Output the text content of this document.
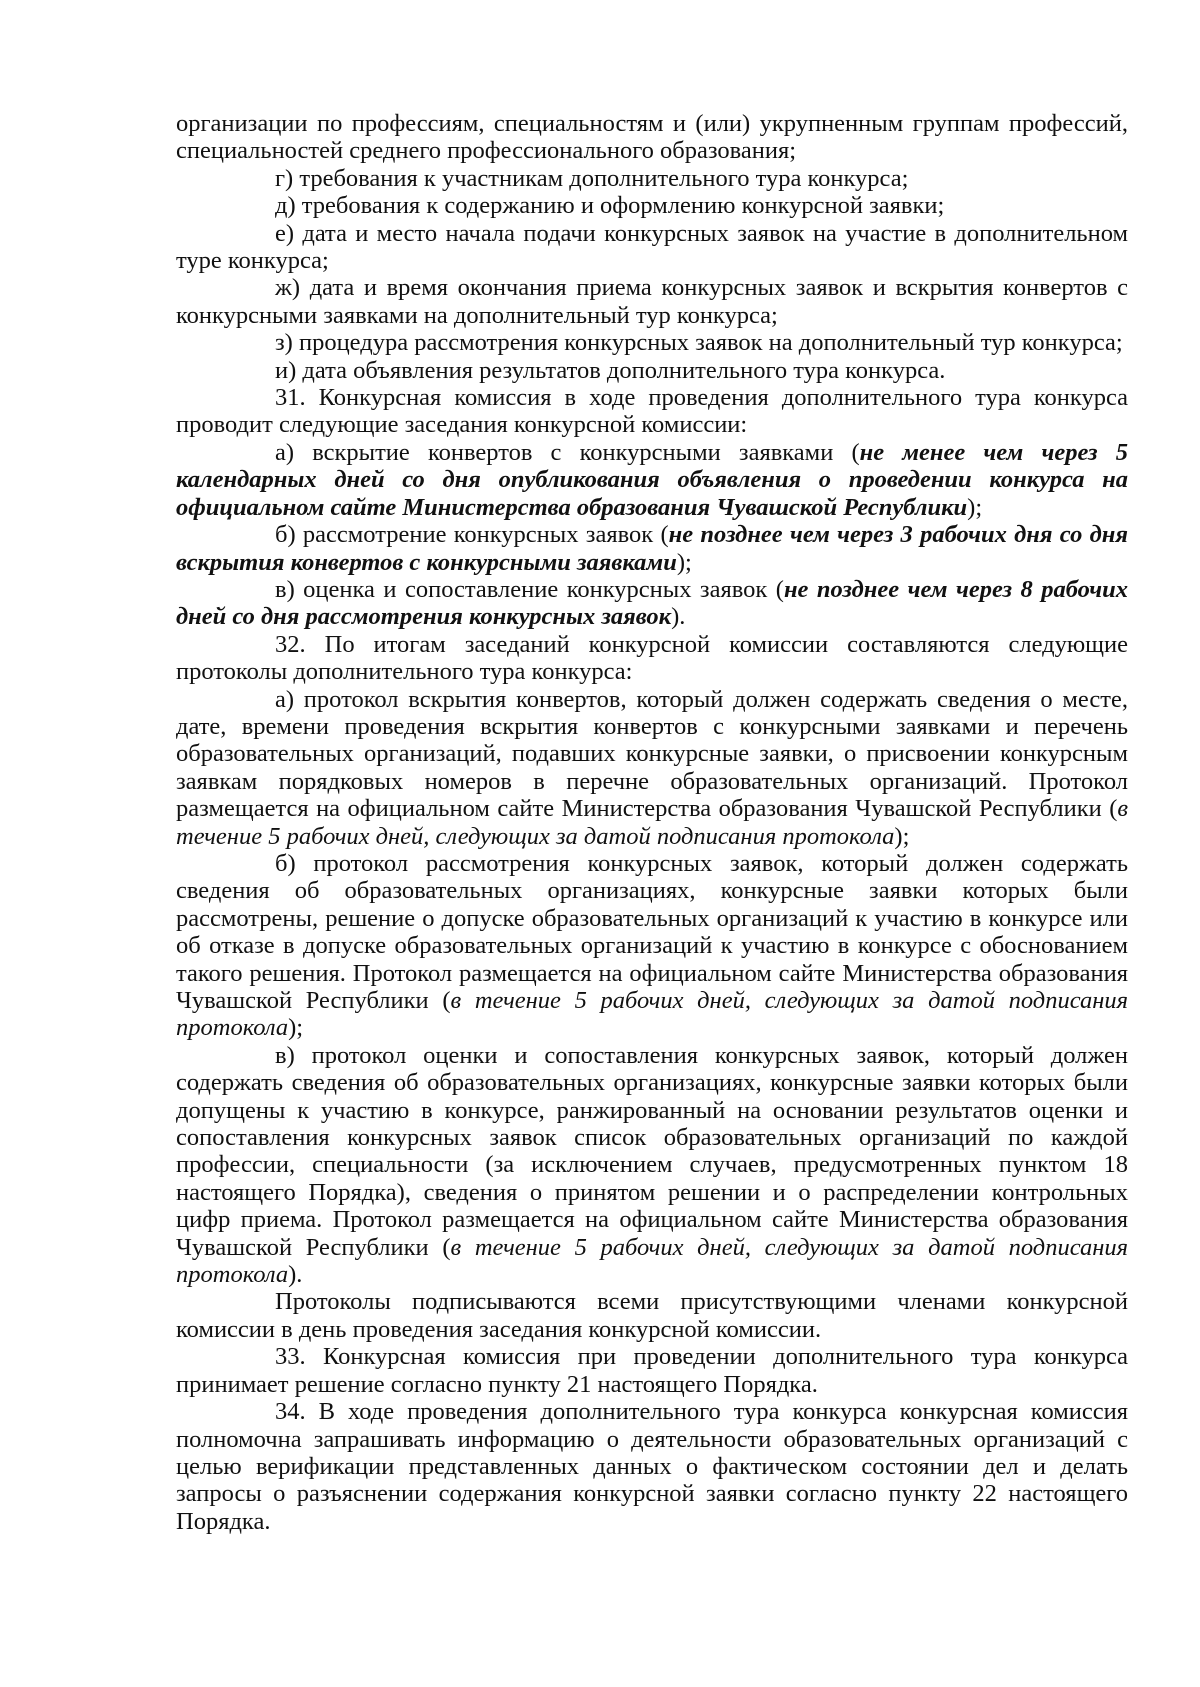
организации по профессиям, специальностям и (или) укрупненным группам профессий, специальностей среднего профессионального образования;

г) требования к участникам дополнительного тура конкурса;

д) требования к содержанию и оформлению конкурсной заявки;

е) дата и место начала подачи конкурсных заявок на участие в дополнительном туре конкурса;

ж) дата и время окончания приема конкурсных заявок и вскрытия конвертов с конкурсными заявками на дополнительный тур конкурса;

з) процедура рассмотрения конкурсных заявок на дополнительный тур конкурса;

и) дата объявления результатов дополнительного тура конкурса.

31. Конкурсная комиссия в ходе проведения дополнительного тура конкурса проводит следующие заседания конкурсной комиссии:

а) вскрытие конвертов с конкурсными заявками (не менее чем через 5 календарных дней со дня опубликования объявления о проведении конкурса на официальном сайте Министерства образования Чувашской Республики);

б) рассмотрение конкурсных заявок (не позднее чем через 3 рабочих дня со дня вскрытия конвертов с конкурсными заявками);

в) оценка и сопоставление конкурсных заявок (не позднее чем через 8 рабочих дней со дня рассмотрения конкурсных заявок).

32. По итогам заседаний конкурсной комиссии составляются следующие протоколы дополнительного тура конкурса:

а) протокол вскрытия конвертов, который должен содержать сведения о месте, дате, времени проведения вскрытия конвертов с конкурсными заявками и перечень образовательных организаций, подавших конкурсные заявки, о присвоении конкурсным заявкам порядковых номеров в перечне образовательных организаций. Протокол размещается на официальном сайте Министерства образования Чувашской Республики (в течение 5 рабочих дней, следующих за датой подписания протокола);

б) протокол рассмотрения конкурсных заявок, который должен содержать сведения об образовательных организациях, конкурсные заявки которых были рассмотрены, решение о допуске образовательных организаций к участию в конкурсе или об отказе в допуске образовательных организаций к участию в конкурсе с обоснованием такого решения. Протокол размещается на официальном сайте Министерства образования Чувашской Республики (в течение 5 рабочих дней, следующих за датой подписания протокола);

в) протокол оценки и сопоставления конкурсных заявок, который должен содержать сведения об образовательных организациях, конкурсные заявки которых были допущены к участию в конкурсе, ранжированный на основании результатов оценки и сопоставления конкурсных заявок список образовательных организаций по каждой профессии, специальности (за исключением случаев, предусмотренных пунктом 18 настоящего Порядка), сведения о принятом решении и о распределении контрольных цифр приема. Протокол размещается на официальном сайте Министерства образования Чувашской Республики (в течение 5 рабочих дней, следующих за датой подписания протокола).

Протоколы подписываются всеми присутствующими членами конкурсной комиссии в день проведения заседания конкурсной комиссии.

33. Конкурсная комиссия при проведении дополнительного тура конкурса принимает решение согласно пункту 21 настоящего Порядка.

34. В ходе проведения дополнительного тура конкурса конкурсная комиссия полномочна запрашивать информацию о деятельности образовательных организаций с целью верификации представленных данных о фактическом состоянии дел и делать запросы о разъяснении содержания конкурсной заявки согласно пункту 22 настоящего Порядка.
